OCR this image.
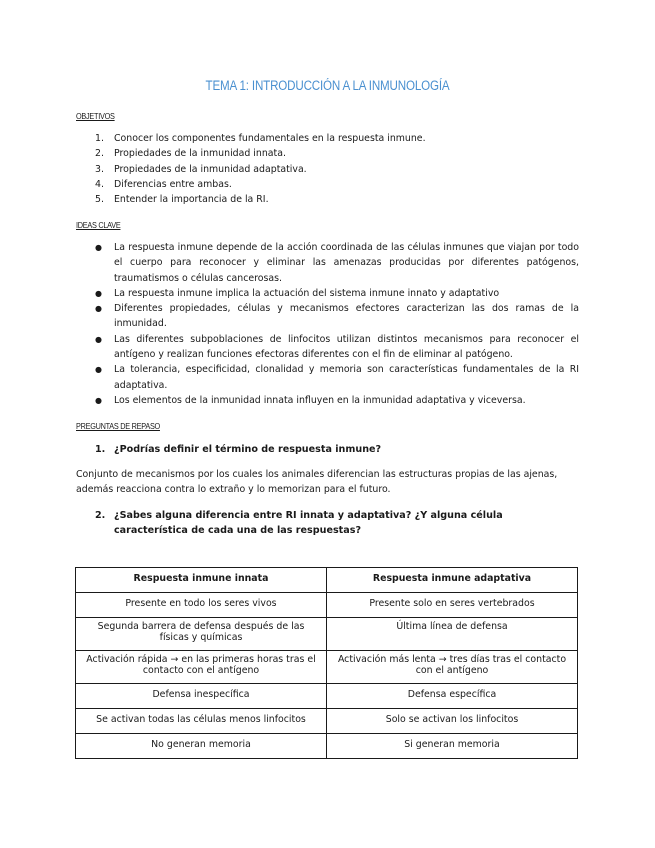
TEMA 1: INTRODUCCIÓN A LA INMUNOLOGÍA
OBJETIVOS
1. Conocer los componentes fundamentales en la respuesta inmune.
2. Propiedades de la inmunidad innata.
3. Propiedades de la inmunidad adaptativa.
4. Diferencias entre ambas.
5. Entender la importancia de la RI.
IDEAS CLAVE
● La respuesta inmune depende de la acción coordinada de las células inmunes que viajan por todo el cuerpo para reconocer y eliminar las amenazas producidas por diferentes patógenos, traumatismos o células cancerosas.
● La respuesta inmune implica la actuación del sistema inmune innato y adaptativo
● Diferentes propiedades, células y mecanismos efectores caracterizan las dos ramas de la inmunidad.
● Las diferentes subpoblaciones de linfocitos utilizan distintos mecanismos para reconocer el antígeno y realizan funciones efectoras diferentes con el fin de eliminar al patógeno.
● La tolerancia, especificidad, clonalidad y memoria son características fundamentales de la RI adaptativa.
● Los elementos de la inmunidad innata influyen en la inmunidad adaptativa y viceversa.
PREGUNTAS DE REPASO
1. ¿Podrías definir el término de respuesta inmune?
Conjunto de mecanismos por los cuales los animales diferencian las estructuras propias de las ajenas, además reacciona contra lo extraño y lo memorizan para el futuro.
2. ¿Sabes alguna diferencia entre RI innata y adaptativa? ¿Y alguna célula característica de cada una de las respuestas?
Respuesta inmune innata	Respuesta inmune adaptativa
Presente en todo los seres vivos	Presente solo en seres vertebrados
Segunda barrera de defensa después de las físicas y químicas	Última línea de defensa
Activación rápida → en las primeras horas tras el contacto con el antígeno	Activación más lenta → tres días tras el contacto con el antígeno
Defensa inespecífica	Defensa específica
Se activan todas las células menos linfocitos	Solo se activan los linfocitos
No generan memoria	Si generan memoria
